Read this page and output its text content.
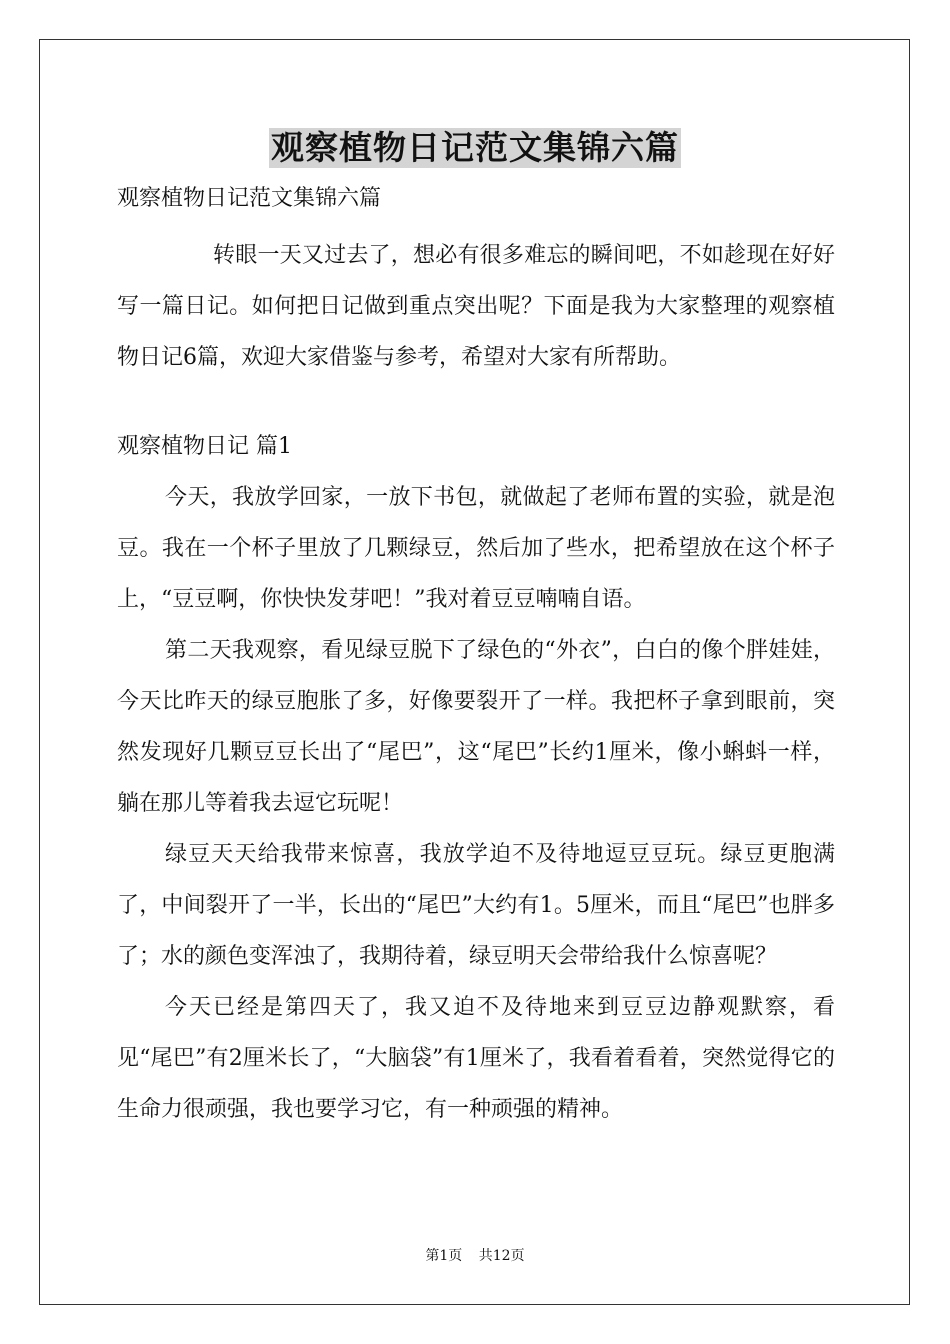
观察植物日记范文集锦六篇

观察植物日记范文集锦六篇

转眼一天又过去了，想必有很多难忘的瞬间吧，不如趁现在好好写一篇日记。如何把日记做到重点突出呢？下面是我为大家整理的观察植物日记6篇，欢迎大家借鉴与参考，希望对大家有所帮助。

观察植物日记 篇1

今天，我放学回家，一放下书包，就做起了老师布置的实验，就是泡豆。我在一个杯子里放了几颗绿豆，然后加了些水，把希望放在这个杯子上，“豆豆啊，你快快发芽吧！”我对着豆豆喃喃自语。

第二天我观察，看见绿豆脱下了绿色的“外衣”，白白的像个胖娃娃，今天比昨天的绿豆胞胀了多，好像要裂开了一样。我把杯子拿到眼前，突然发现好几颗豆豆长出了“尾巴”，这“尾巴”长约1厘米，像小蝌蚪一样，躺在那儿等着我去逗它玩呢！

绿豆天天给我带来惊喜，我放学迫不及待地逗豆豆玩。绿豆更胞满了，中间裂开了一半，长出的“尾巴”大约有1。5厘米，而且“尾巴”也胖多了；水的颜色变浑浊了，我期待着，绿豆明天会带给我什么惊喜呢？

今天已经是第四天了，我又迫不及待地来到豆豆边静观默察，看见“尾巴”有2厘米长了，“大脑袋”有1厘米了，我看着看着，突然觉得它的生命力很顽强，我也要学习它，有一种顽强的精神。

第1页 共12页
